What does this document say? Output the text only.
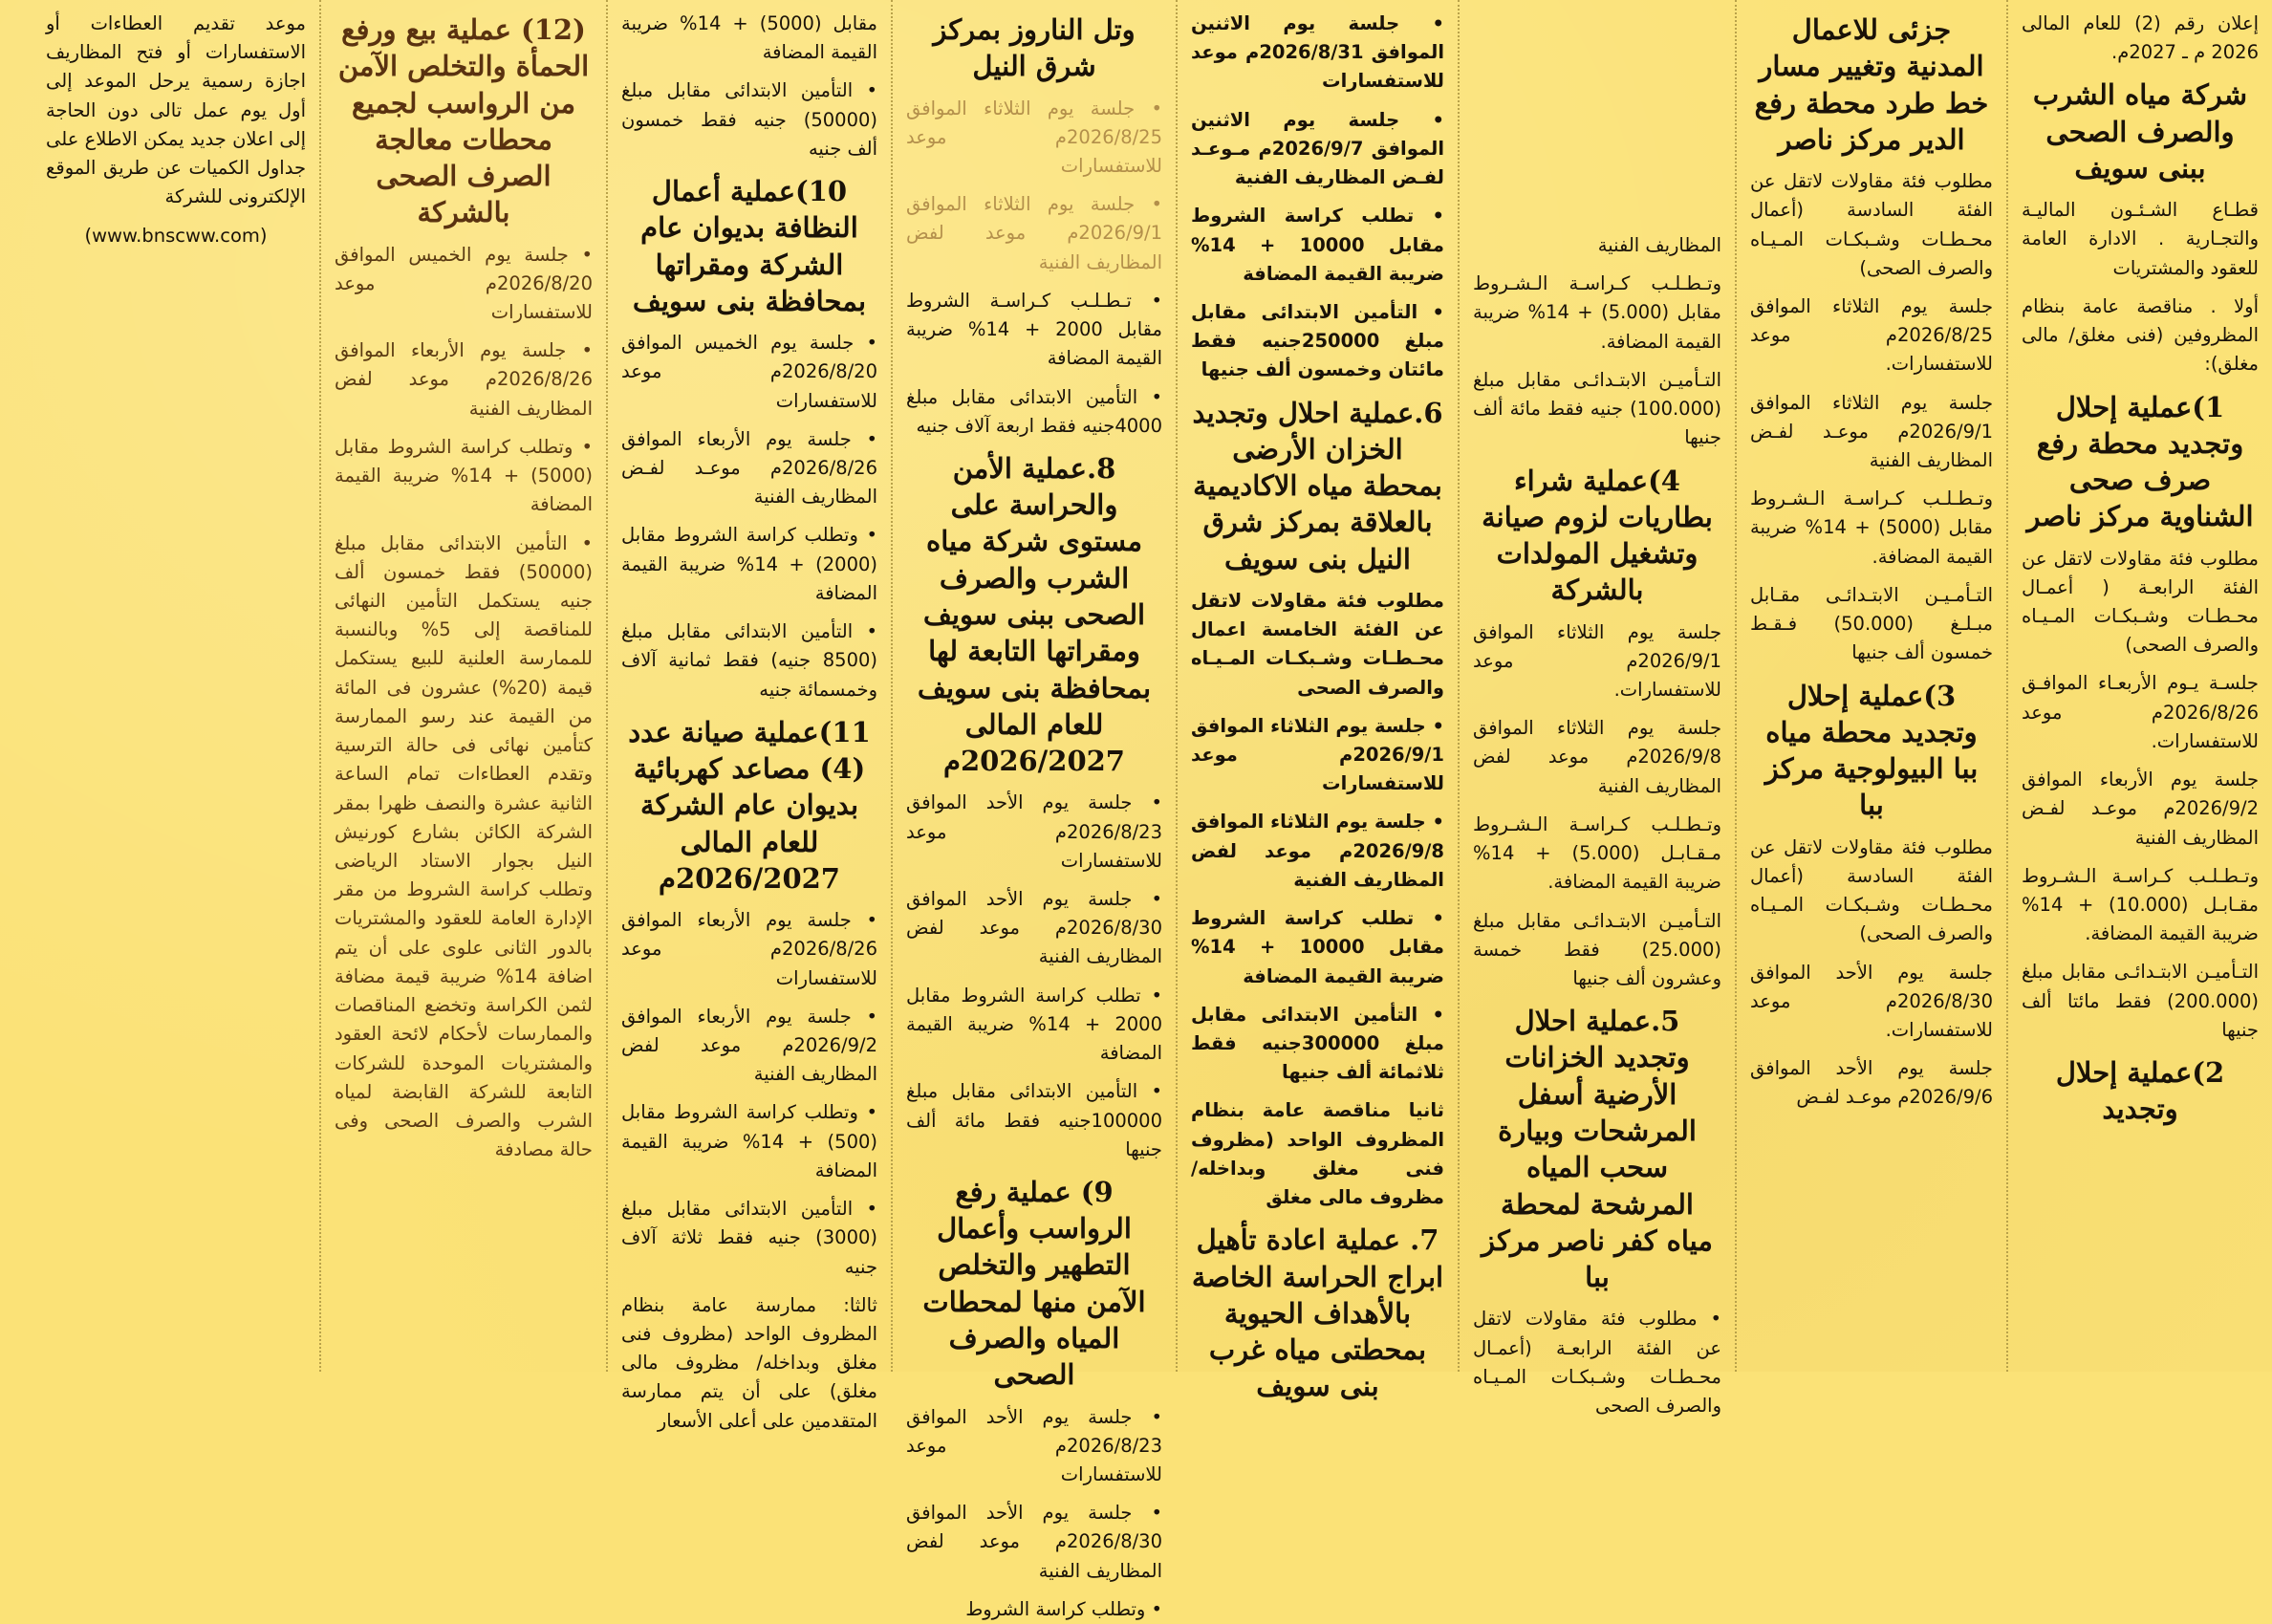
إعلان رقم (2) للعام المالى 2026 م ـ 2027م.
شركة مياه الشرب والصرف الصحى ببنى سويف
قطـاع الشـئـون الماليـة والتجـارية . الادارة العامة للعقود والمشتريات
أولا . مناقصة عامة بنظام المظروفين (فنى مغلق/ مالى مغلق):
1)عملية إحلال وتجديد محطة رفع صرف صحى الشناوية مركز ناصر
مطلوب فئة مقاولات لاتقل عن الفئة الرابعـة ( أعمـال محـطـات وشـبكـات المـيـاه والصرف الصحى)
جلسـة يـوم الأربعـاء الموافـق 2026/8/26م موعد للاستفسارات.
جلسة يوم الأربعاء الموافق 2026/9/2م موعـد لفـض المظاريف الفنية
وتـطـلـب كـراسـة الـشـروط مقـابـل (10.000) + 14% ضريبة القيمة المضافة.
التـأميـن الابتـدائـى مقابل مبلغ (200.000) فقط مائتا ألف جنيها
2)عملية إحلال وتجديد
جزئى للاعمال المدنية وتغيير مسار خط طرد محطة رفع الدير مركز ناصر
مطلوب فئة مقاولات لاتقل عن الفئة السادسة (أعمال محـطـات وشـبكـات المـيـاه والصرف الصحى)
جلسة يوم الثلاثاء الموافق 2026/8/25م موعد للاستفسارات.
جلسة يوم الثلاثاء الموافق 2026/9/1م موعـد لفـض المظاريف الفنية
وتـطـلـب كـراسـة الـشـروط مقابل (5000) + 14% ضريبة القيمة المضافة.
التـأمـيـن الابتـدائـى مقـابل مبـلـغ (50.000) فـقـط خمسون ألف جنيها
3)عملية إحلال وتجديد محطة مياه ببا البيولوجية مركز ببا
مطلوب فئة مقاولات لاتقل عن الفئة السادسة (أعمال محـطـات وشـبكـات المـيـاه والصرف الصحى)
جلسة يوم الأحد الموافق 2026/8/30م موعد للاستفسارات.
جلسة يوم الأحد الموافق 2026/9/6م موعـد لفـض
المظاريف الفنية
وتـطـلـب كـراسـة الـشـروط مقابل (5.000) + 14% ضريبة القيمة المضافة.
التـأميـن الابتـدائـى مقابل مبلغ (100.000) جنيه فقط مائة ألف جنيها
4)عملية شراء بطاريات لزوم صيانة وتشغيل المولدات بالشركة
جلسة يوم الثلاثاء الموافق 2026/9/1م موعد للاستفسارات.
جلسة يوم الثلاثاء الموافق 2026/9/8م موعد لفض المظاريف الفنية
وتـطـلـب كـراسـة الـشـروط مـقـابـل (5.000) + 14% ضريبة القيمة المضافة.
التـأميـن الابتـدائـى مقابل مبلغ (25.000) فقط خمسة وعشرون ألف جنيها
5.عملية احلال وتجديد الخزانات الأرضية أسفل المرشحات وبيارة سحب المياه المرشحة لمحطة مياه كفر ناصر مركز ببا
• مطلوب فئة مقاولات لاتقل عن الفئة الرابعـة (أعمـال محـطـات وشـبكـات المـيـاه والصرف الصحى
• جلسة يوم الاثنين الموافق 2026/8/31م موعد للاستفسارات
• جلسة يوم الاثنين الموافق 2026/9/7م مـوعـد لفـض المظاريف الفنية
• تطلب كراسة الشروط مقابل 10000 + 14% ضريبة القيمة المضافة
• التأمين الابتدائى مقابل مبلغ 250000جنيه فقط مائتان وخمسون ألف جنيها
6.عملية احلال وتجديد الخزان الأرضى بمحطة مياه الاكاديمية بالعلاقة بمركز شرق النيل بنى سويف
مطلوب فئة مقاولات لاتقل عن الفئة الخامسة اعمال محـطـات وشـبكـات المـيـاه والصرف الصحى
• جلسة يوم الثلاثاء الموافق 2026/9/1م موعد للاستفسارات
• جلسة يوم الثلاثاء الموافق 2026/9/8م موعد لفض المظاريف الفنية
• تطلب كراسة الشروط مقابل 10000 + 14% ضريبة القيمة المضافة
• التأمين الابتدائى مقابل مبلغ 300000جنيه فقط ثلاثمائة ألف جنيها
ثانيا مناقصة عامة بنظام المظروف الواحد (مظروف فنى مغلق وبداخله/ مظروف مالى مغلق
7. عملية اعادة تأهيل ابراج الحراسة الخاصة بالأهداف الحيوية بمحطتى مياه غرب بنى سويف
وتل الناروز بمركز شرق النيل
• جلسة يوم الثلاثاء الموافق 2026/8/25م موعد للاستفسارات
• جلسة يوم الثلاثاء الموافق 2026/9/1م موعد لفض المظاريف الفنية
• تـطـلـب كـراسـة الشروط مقابل 2000 + 14% ضريبة القيمة المضافة
• التأمين الابتدائى مقابل مبلغ 4000جنيه فقط اربعة آلاف جنيه
8.عملية الأمن والحراسة على مستوى شركة مياه الشرب والصرف الصحى ببنى سويف ومقراتها التابعة لها بمحافظة بنى سويف للعام المالى 2026/2027م
• جلسة يوم الأحد الموافق 2026/8/23م موعد للاستفسارات
• جلسة يوم الأحد الموافق 2026/8/30م موعد لفض المظاريف الفنية
• تطلب كراسة الشروط مقابل 2000 + 14% ضريبة القيمة المضافة
• التأمين الابتدائى مقابل مبلغ 100000جنيه فقط مائة ألف جنيها
9) عملية رفع الرواسب وأعمال التطهير والتخلص الآمن منها لمحطات المياه والصرف الصحى
• جلسة يوم الأحد الموافق 2026/8/23م موعد للاستفسارات
• جلسة يوم الأحد الموافق 2026/8/30م موعد لفض المظاريف الفنية
• وتطلب كراسة الشروط
مقابل (5000) + 14% ضريبة القيمة المضافة
• التأمين الابتدائى مقابل مبلغ (50000) جنيه فقط خمسون ألف جنيه
10)عملية أعمال النظافة بديوان عام الشركة ومقراتها بمحافظة بنى سويف
• جلسة يوم الخميس الموافق 2026/8/20م موعد للاستفسارات
• جلسة يوم الأربعاء الموافق 2026/8/26م موعـد لفـض المظاريف الفنية
• وتطلب كراسة الشروط مقابل (2000) + 14% ضريبة القيمة المضافة
• التأمين الابتدائى مقابل مبلغ (8500 جنيه) فقط ثمانية آلاف وخمسمائة جنيه
11)عملية صيانة عدد (4) مصاعد كهربائية بديوان عام الشركة للعام المالى 2026/2027م
• جلسة يوم الأربعاء الموافق 2026/8/26م موعد للاستفسارات
• جلسة يوم الأربعاء الموافق 2026/9/2م موعد لفض المظاريف الفنية
• وتطلب كراسة الشروط مقابل (500) + 14% ضريبة القيمة المضافة
• التأمين الابتدائى مقابل مبلغ (3000) جنيه فقط ثلاثة آلاف جنيه
ثالثا: ممارسة عامة بنظام المظروف الواحد (مظروف فنى مغلق وبداخله/ مظروف مالى مغلق) على أن يتم ممارسة المتقدمين على أعلى الأسعار
(12) عملية بيع ورفع الحمأة والتخلص الآمن من الرواسب لجميع محطات معالجة الصرف الصحى بالشركة
• جلسة يوم الخميس الموافق 2026/8/20م موعد للاستفسارات
• جلسة يوم الأربعاء الموافق 2026/8/26م موعد لفض المظاريف الفنية
• وتطلب كراسة الشروط مقابل (5000) + 14% ضريبة القيمة المضافة
• التأمين الابتدائى مقابل مبلغ (50000) فقط خمسون ألف جنيه يستكمل التأمين النهائى للمناقصة إلى 5% وبالنسبة للممارسة العلنية للبيع يستكمل قيمة (20%) عشرون فى المائة من القيمة عند رسو الممارسة كتأمين نهائى فى حالة الترسية وتقدم العطاءات تمام الساعة الثانية عشرة والنصف ظهرا بمقر الشركة الكائن بشارع كورنيش النيل بجوار الاستاد الرياضى وتطلب كراسة الشروط من مقر الإدارة العامة للعقود والمشتريات بالدور الثانى علوى على أن يتم اضافة 14% ضريبة قيمة مضافة لثمن الكراسة وتخضع المناقصات والممارسات لأحكام لائحة العقود والمشتريات الموحدة للشركات التابعة للشركة القابضة لمياه الشرب والصرف الصحى وفى حالة مصادفة
موعد تقديم العطاءات أو الاستفسارات أو فتح المظاريف اجازة رسمية يرحل الموعد إلى أول يوم عمل تالى دون الحاجة إلى اعلان جديد يمكن الاطلاع على جداول الكميات عن طريق الموقع الإلكترونى للشركة
(www.bnscww.com)
